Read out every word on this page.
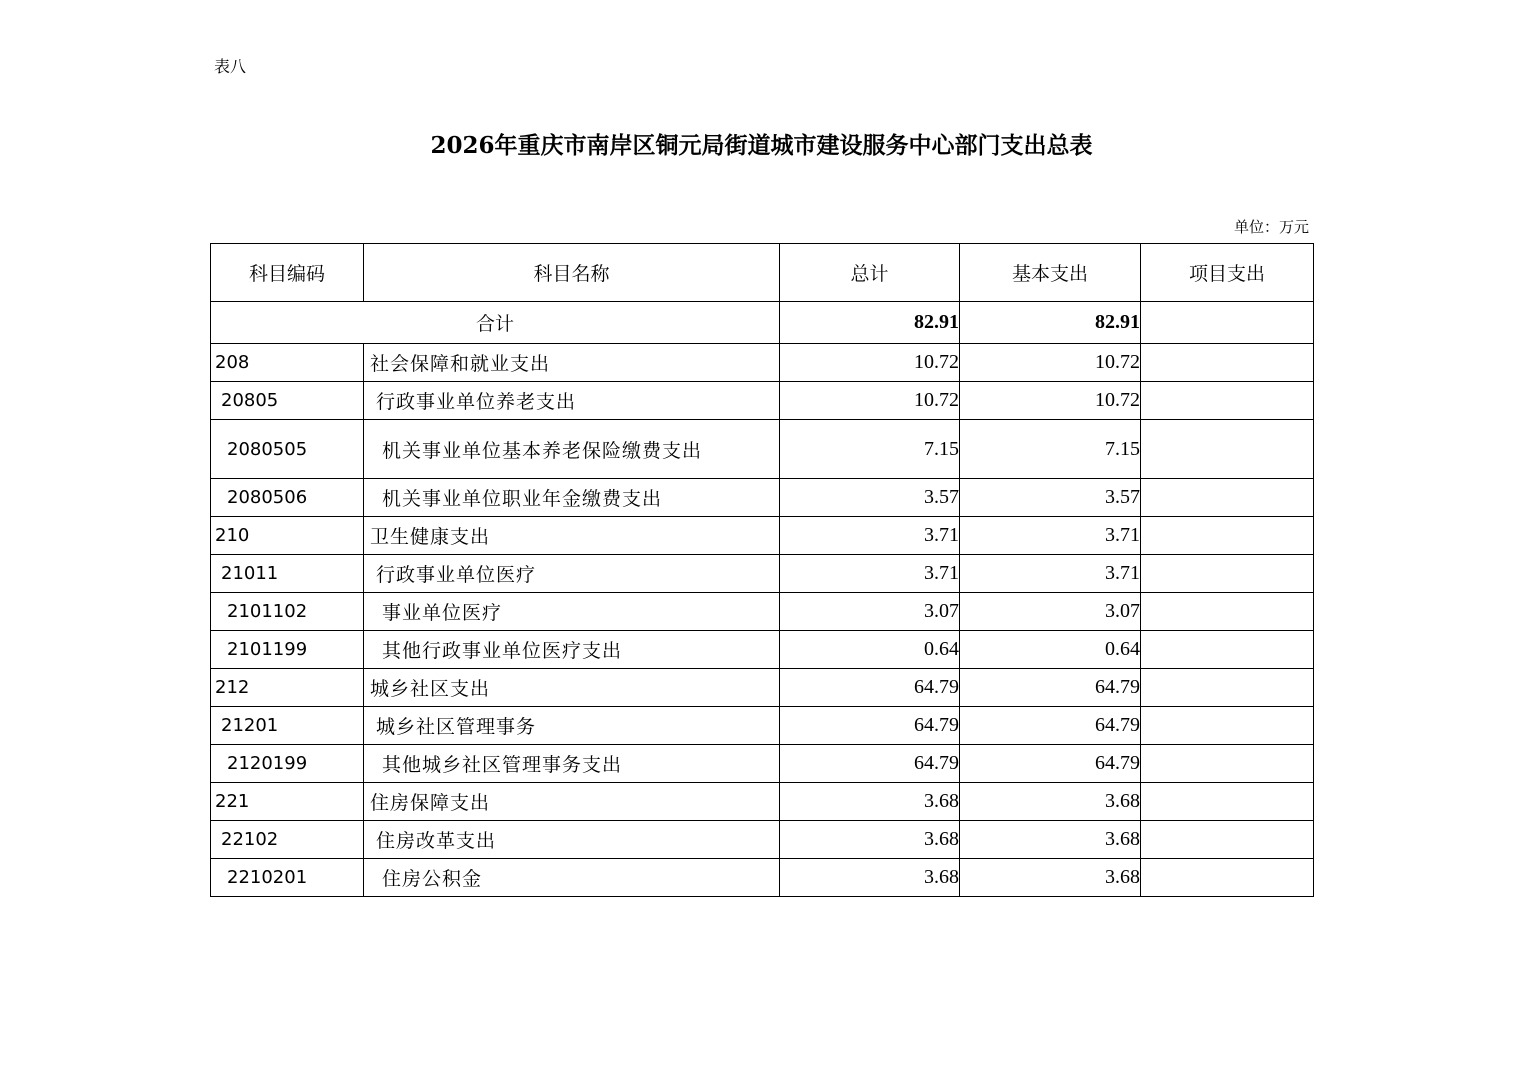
表八
2026年重庆市南岸区铜元局街道城市建设服务中心部门支出总表
单位：万元
科目编码	科目名称	总计	基本支出	项目支出
合计		82.91	82.91	
208	社会保障和就业支出	10.72	10.72	
20805	行政事业单位养老支出	10.72	10.72	
2080505	机关事业单位基本养老保险缴费支出	7.15	7.15	
2080506	机关事业单位职业年金缴费支出	3.57	3.57	
210	卫生健康支出	3.71	3.71	
21011	行政事业单位医疗	3.71	3.71	
2101102	事业单位医疗	3.07	3.07	
2101199	其他行政事业单位医疗支出	0.64	0.64	
212	城乡社区支出	64.79	64.79	
21201	城乡社区管理事务	64.79	64.79	
2120199	其他城乡社区管理事务支出	64.79	64.79	
221	住房保障支出	3.68	3.68	
22102	住房改革支出	3.68	3.68	
2210201	住房公积金	3.68	3.68	
